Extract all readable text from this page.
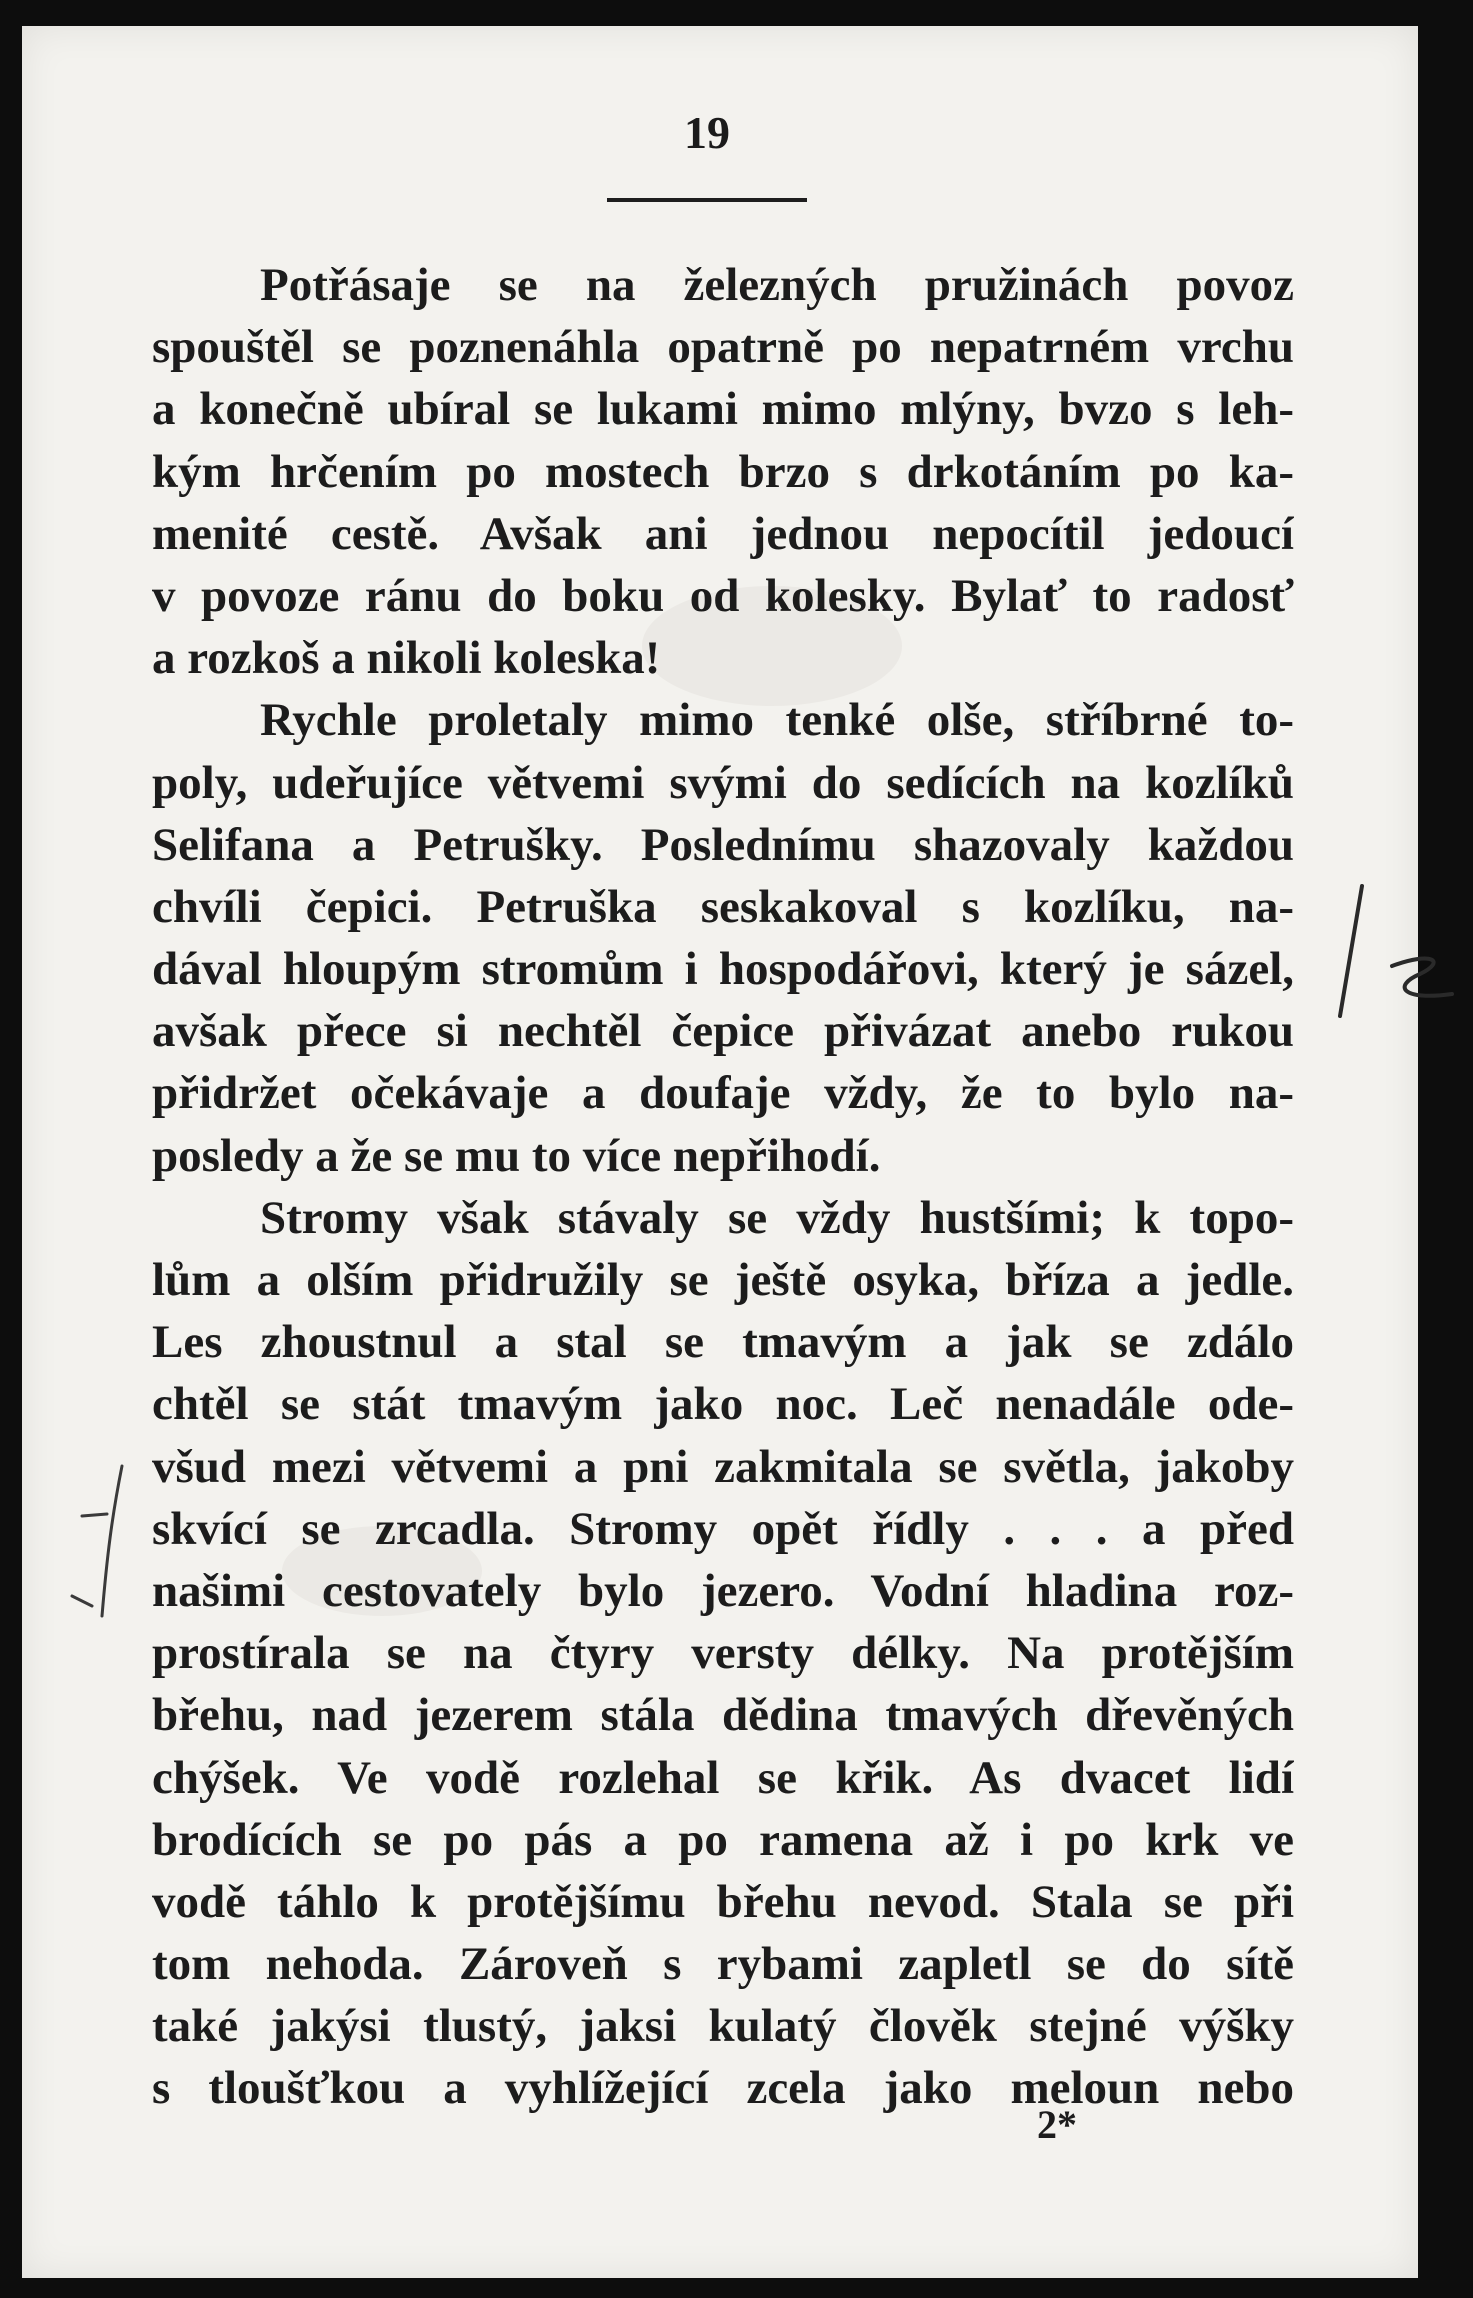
19
Potřásaje se na železných pružinách povoz
spouštěl se poznenáhla opatrně po nepatrném vrchu
a konečně ubíral se lukami mimo mlýny, bvzo s leh-
kým hrčením po mostech brzo s drkotáním po ka-
menité cestě. Avšak ani jednou nepocítil jedoucí
v povoze ránu do boku od kolesky. Bylať to radosť
a rozkoš a nikoli koleska!
Rychle proletaly mimo tenké olše, stříbrné to-
poly, udeřujíce větvemi svými do sedících na kozlíků
Selifana a Petrušky. Poslednímu shazovaly každou
chvíli čepici. Petruška seskakoval s kozlíku, na-
dával hloupým stromům i hospodářovi, který je sázel,
avšak přece si nechtěl čepice přivázat anebo rukou
přidržet očekávaje a doufaje vždy, že to bylo na-
posledy a že se mu to více nepřihodí.
Stromy však stávaly se vždy hustšími; k topo-
lům a olším přidružily se ještě osyka, bříza a jedle.
Les zhoustnul a stal se tmavým a jak se zdálo
chtěl se stát tmavým jako noc. Leč nenadále ode-
všud mezi větvemi a pni zakmitala se světla, jakoby
skvící se zrcadla. Stromy opět řídly . . . a před
našimi cestovately bylo jezero. Vodní hladina roz-
prostírala se na čtyry versty délky. Na protějším
břehu, nad jezerem stála dědina tmavých dřevěných
chýšek. Ve vodě rozlehal se křik. As dvacet lidí
brodících se po pás a po ramena až i po krk ve
vodě táhlo k protějšímu břehu nevod. Stala se při
tom nehoda. Zároveň s rybami zapletl se do sítě
také jakýsi tlustý, jaksi kulatý člověk stejné výšky
s tloušťkou a vyhlížející zcela jako meloun nebo
2*
